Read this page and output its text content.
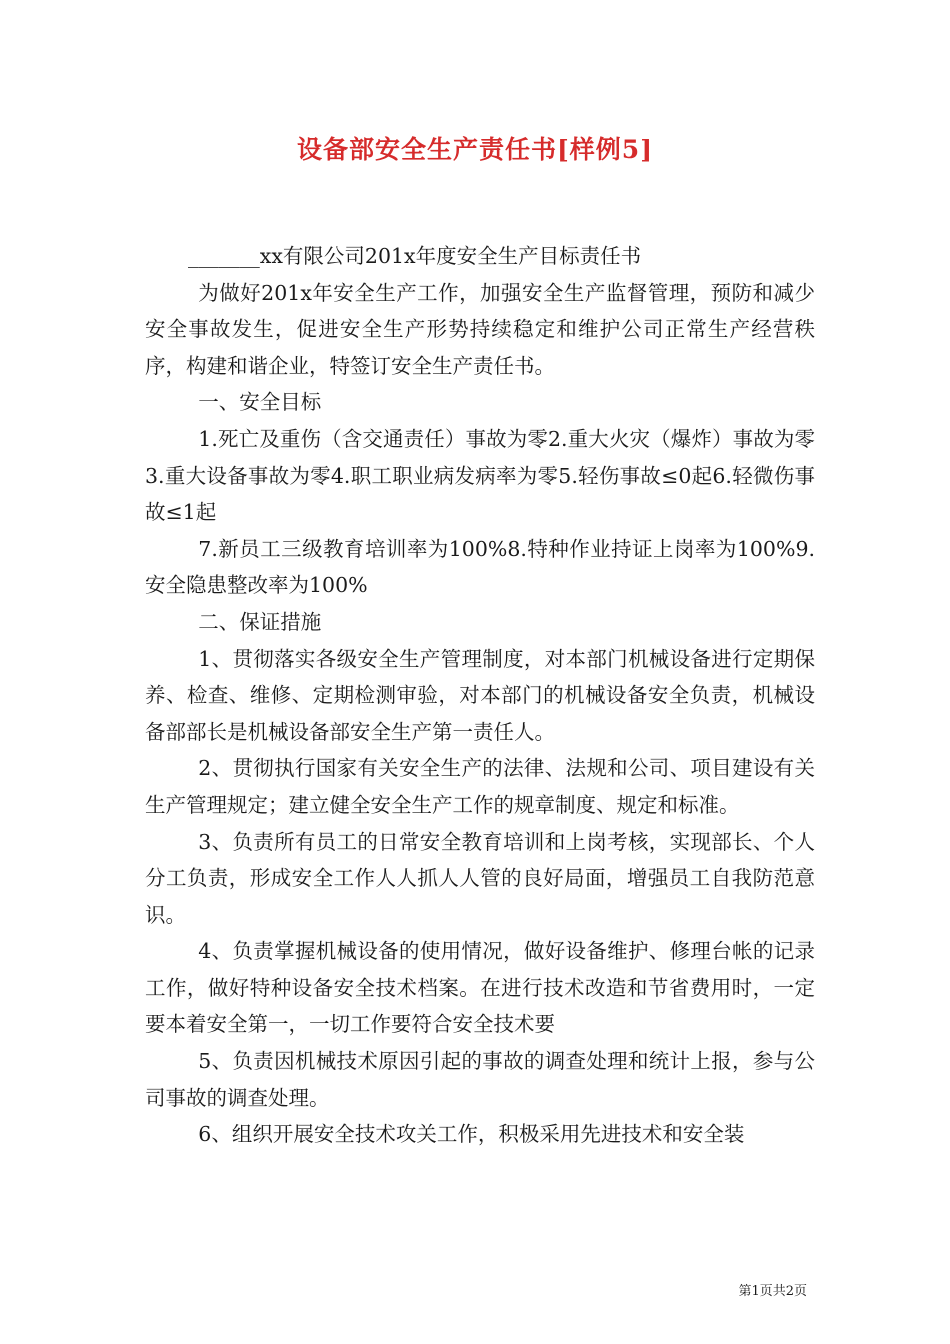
设备部安全生产责任书[样例5]

_______xx有限公司201x年度安全生产目标责任书

为做好201x年安全生产工作，加强安全生产监督管理，预防和减少安全事故发生，促进安全生产形势持续稳定和维护公司正常生产经营秩序，构建和谐企业，特签订安全生产责任书。

一、安全目标

1.死亡及重伤（含交通责任）事故为零2.重大火灾（爆炸）事故为零3.重大设备事故为零4.职工职业病发病率为零5.轻伤事故≤0起6.轻微伤事故≤1起

7.新员工三级教育培训率为100%8.特种作业持证上岗率为100%9.安全隐患整改率为100%

二、保证措施

1、贯彻落实各级安全生产管理制度，对本部门机械设备进行定期保养、检查、维修、定期检测审验，对本部门的机械设备安全负责，机械设备部部长是机械设备部安全生产第一责任人。

2、贯彻执行国家有关安全生产的法律、法规和公司、项目建设有关生产管理规定；建立健全安全生产工作的规章制度、规定和标准。

3、负责所有员工的日常安全教育培训和上岗考核，实现部长、个人分工负责，形成安全工作人人抓人人管的良好局面，增强员工自我防范意识。

4、负责掌握机械设备的使用情况，做好设备维护、修理台帐的记录工作，做好特种设备安全技术档案。在进行技术改造和节省费用时，一定要本着安全第一，一切工作要符合安全技术要

5、负责因机械技术原因引起的事故的调查处理和统计上报，参与公司事故的调查处理。

6、组织开展安全技术攻关工作，积极采用先进技术和安全装

第1页共2页
